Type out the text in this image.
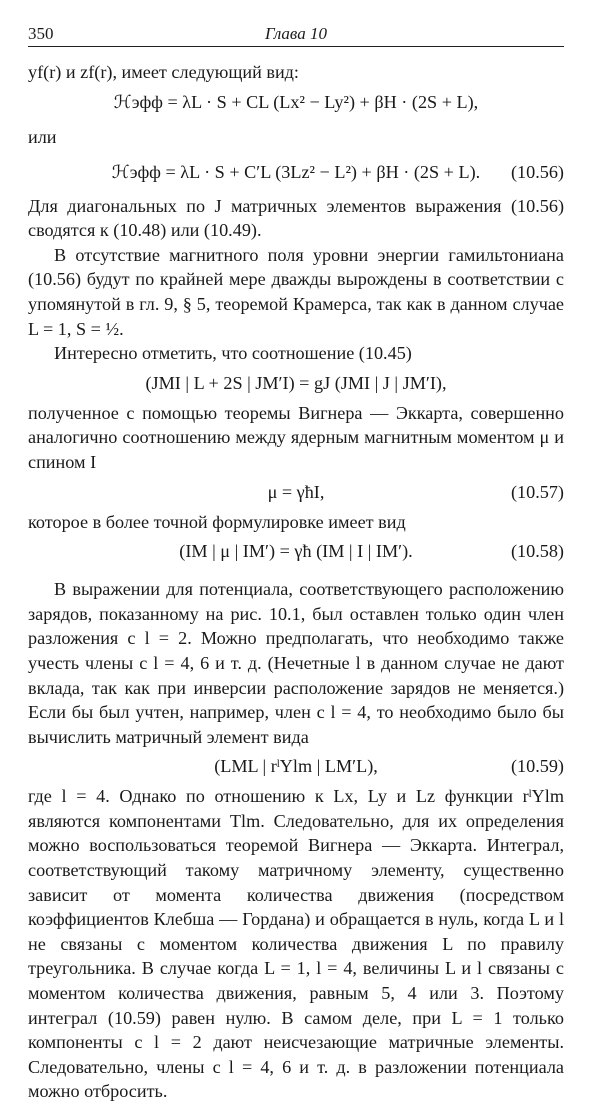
350	Глава 10

yf(r) и zf(r), имеет следующий вид:

ℋэфф = λL · S + CL (Lx² − Ly²) + βH · (2S + L),
или
ℋэфф = λL · S + C′L (3Lz² − L²) + βH · (2S + L).	(10.56)

Для диагональных по J матричных элементов выражения (10.56) сводятся к (10.48) или (10.49).

В отсутствие магнитного поля уровни энергии гамильтониана (10.56) будут по крайней мере дважды вырождены в соответствии с упомянутой в гл. 9, § 5, теоремой Крамерса, так как в данном случае L = 1, S = ½.

Интересно отметить, что соотношение (10.45)

(JMI | L + 2S | JM′I) = gJ (JMI | J | JM′I),

полученное с помощью теоремы Вигнера — Эккарта, совершенно аналогично соотношению между ядерным магнитным моментом μ и спином I

μ = γħI,	(10.57)

которое в более точной формулировке имеет вид

(IM | μ | IM′) = γħ (IM | I | IM′).	(10.58)

В выражении для потенциала, соответствующего расположению зарядов, показанному на рис. 10.1, был оставлен только один член разложения с l = 2. Можно предполагать, что необходимо также учесть члены с l = 4, 6 и т. д. (Нечетные l в данном случае не дают вклада, так как при инверсии расположение зарядов не меняется.) Если бы был учтен, например, член с l = 4, то необходимо было бы вычислить матричный элемент вида

(LML | rˡYlm | LM′L),	(10.59)

где l = 4. Однако по отношению к Lx, Ly и Lz функции rˡYlm являются компонентами Tlm. Следовательно, для их определения можно воспользоваться теоремой Вигнера — Эккарта. Интеграл, соответствующий такому матричному элементу, существенно зависит от момента количества движения (посредством коэффициентов Клебша — Гордана) и обращается в нуль, когда L и l не связаны с моментом количества движения L по правилу треугольника. В случае когда L = 1, l = 4, величины L и l связаны с моментом количества движения, равным 5, 4 или 3. Поэтому интеграл (10.59) равен нулю. В самом деле, при L = 1 только компоненты с l = 2 дают неисчезающие матричные элементы. Следовательно, члены с l = 4, 6 и т. д. в разложении потенциала можно отбросить.
